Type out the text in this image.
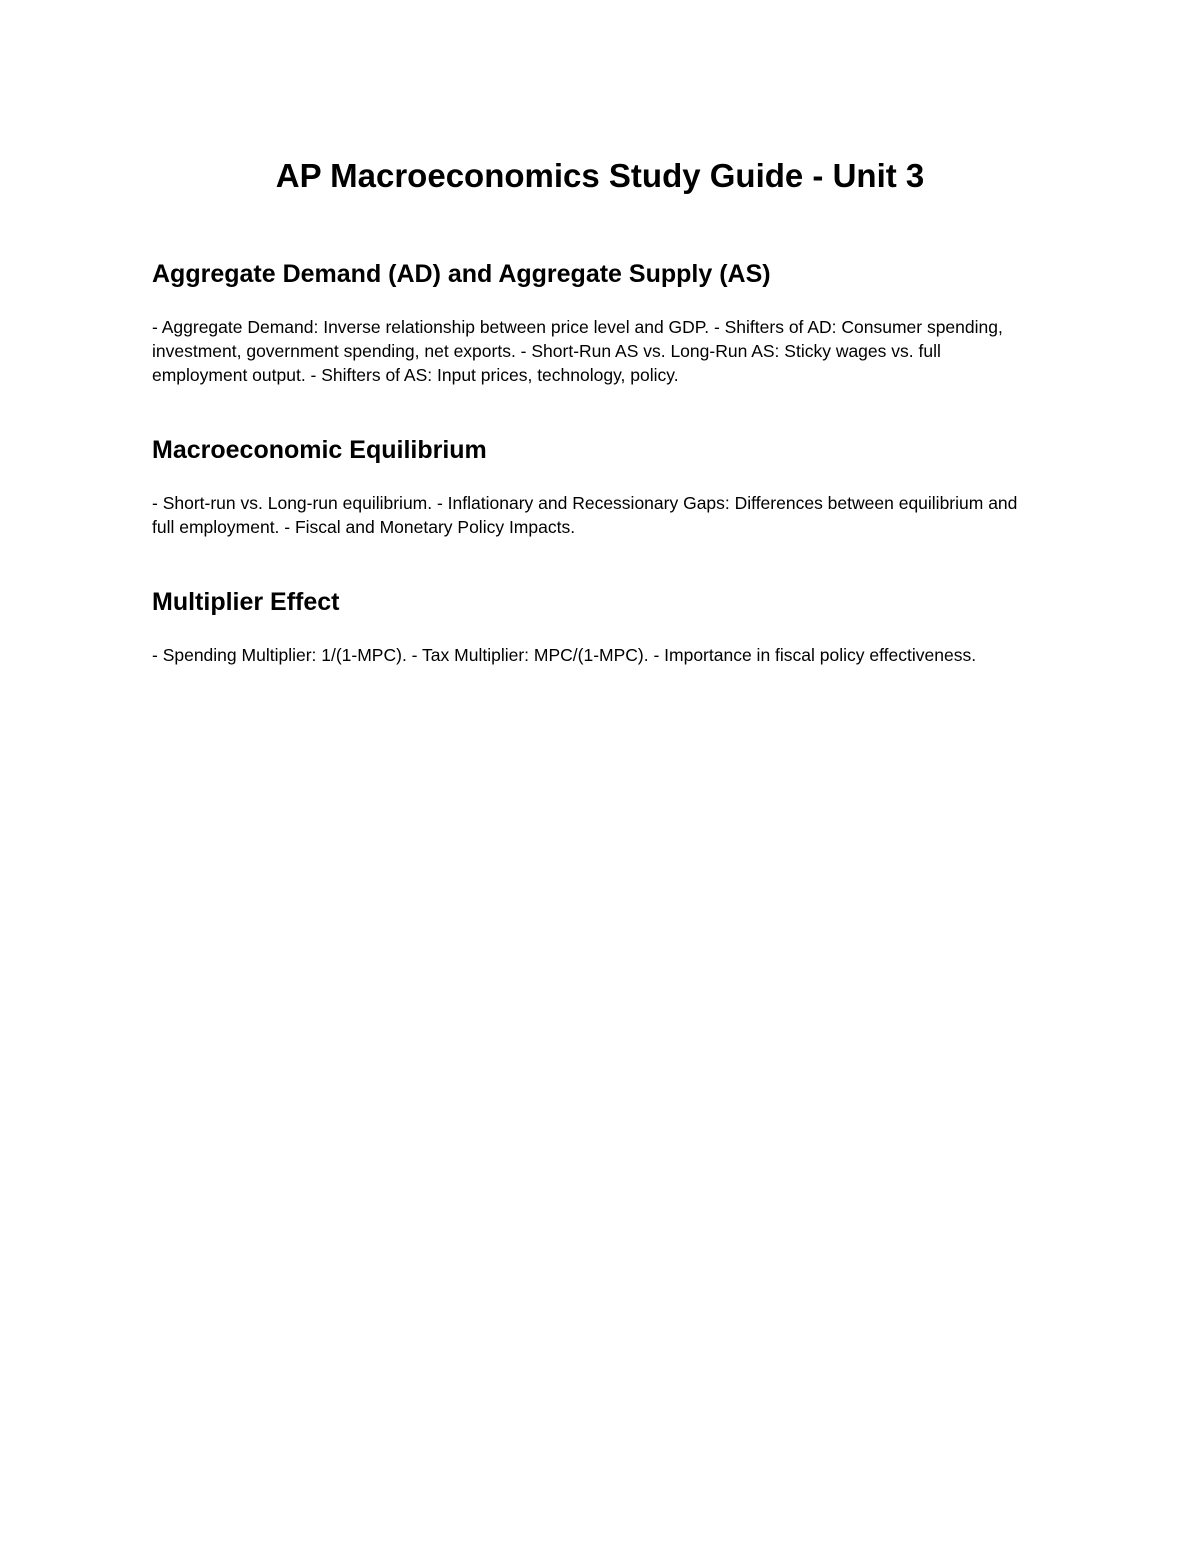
AP Macroeconomics Study Guide - Unit 3
Aggregate Demand (AD) and Aggregate Supply (AS)

- Aggregate Demand: Inverse relationship between price level and GDP. - Shifters of AD: Consumer spending, investment, government spending, net exports. - Short-Run AS vs. Long-Run AS: Sticky wages vs. full employment output. - Shifters of AS: Input prices, technology, policy.

Macroeconomic Equilibrium

- Short-run vs. Long-run equilibrium. - Inflationary and Recessionary Gaps: Differences between equilibrium and full employment. - Fiscal and Monetary Policy Impacts.

Multiplier Effect

- Spending Multiplier: 1/(1-MPC). - Tax Multiplier: MPC/(1-MPC). - Importance in fiscal policy effectiveness.
